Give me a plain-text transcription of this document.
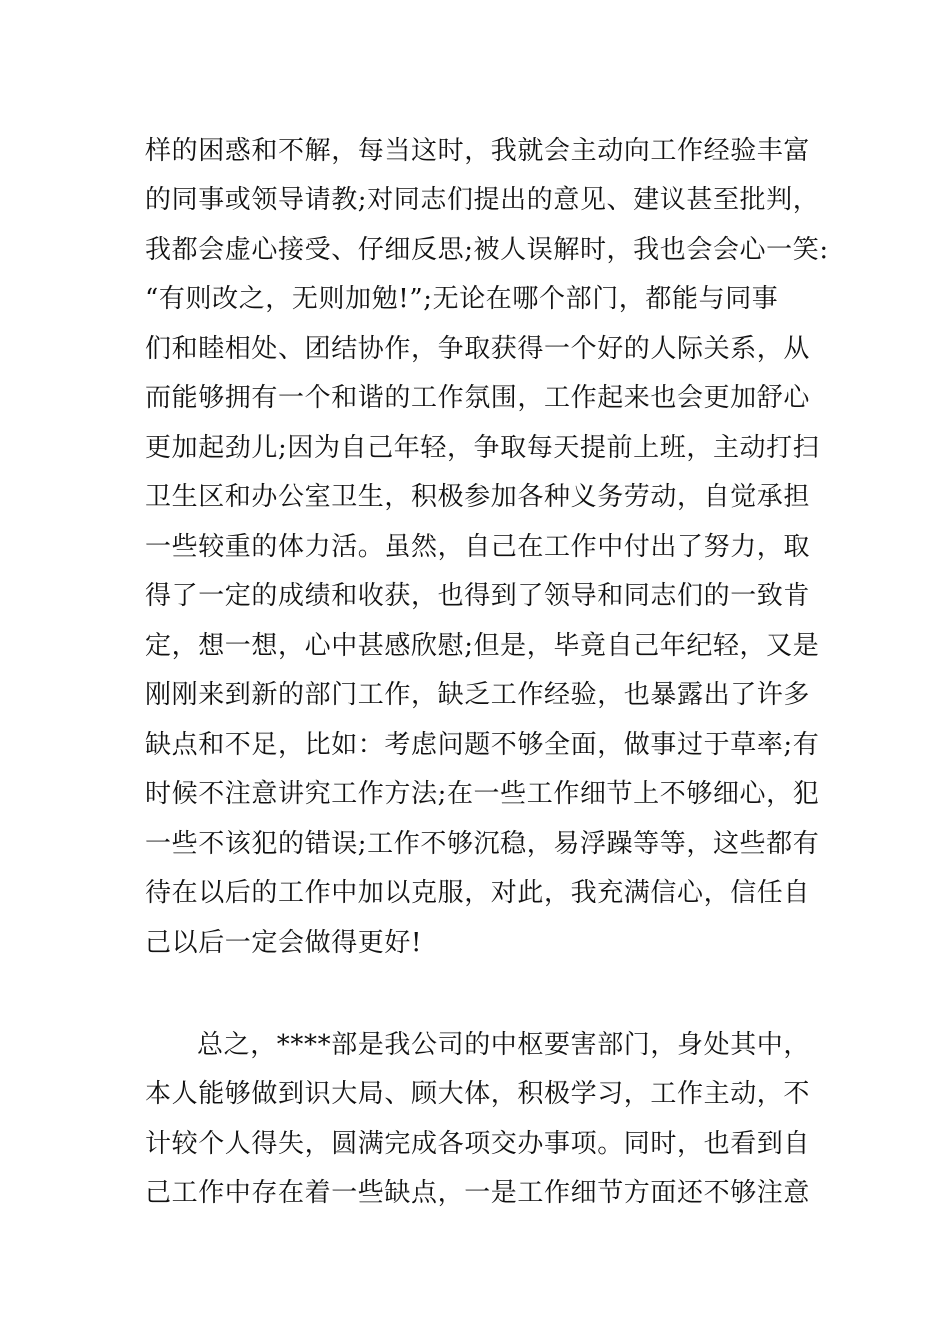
样的困惑和不解，每当这时，我就会主动向工作经验丰富
的同事或领导请教;对同志们提出的意见、建议甚至批判，
我都会虚心接受、仔细反思;被人误解时，我也会会心一笑:
“有则改之，无则加勉!”;无论在哪个部门，都能与同事
们和睦相处、团结协作，争取获得一个好的人际关系，从
而能够拥有一个和谐的工作氛围，工作起来也会更加舒心
更加起劲儿;因为自己年轻，争取每天提前上班，主动打扫
卫生区和办公室卫生，积极参加各种义务劳动，自觉承担
一些较重的体力活。虽然，自己在工作中付出了努力，取
得了一定的成绩和收获，也得到了领导和同志们的一致肯
定，想一想，心中甚感欣慰;但是，毕竟自己年纪轻，又是
刚刚来到新的部门工作，缺乏工作经验，也暴露出了许多
缺点和不足，比如：考虑问题不够全面，做事过于草率;有
时候不注意讲究工作方法;在一些工作细节上不够细心，犯
一些不该犯的错误;工作不够沉稳，易浮躁等等，这些都有
待在以后的工作中加以克服，对此，我充满信心，信任自
己以后一定会做得更好!
总之，****部是我公司的中枢要害部门，身处其中，
本人能够做到识大局、顾大体，积极学习，工作主动，不
计较个人得失，圆满完成各项交办事项。同时，也看到自
己工作中存在着一些缺点，一是工作细节方面还不够注意
